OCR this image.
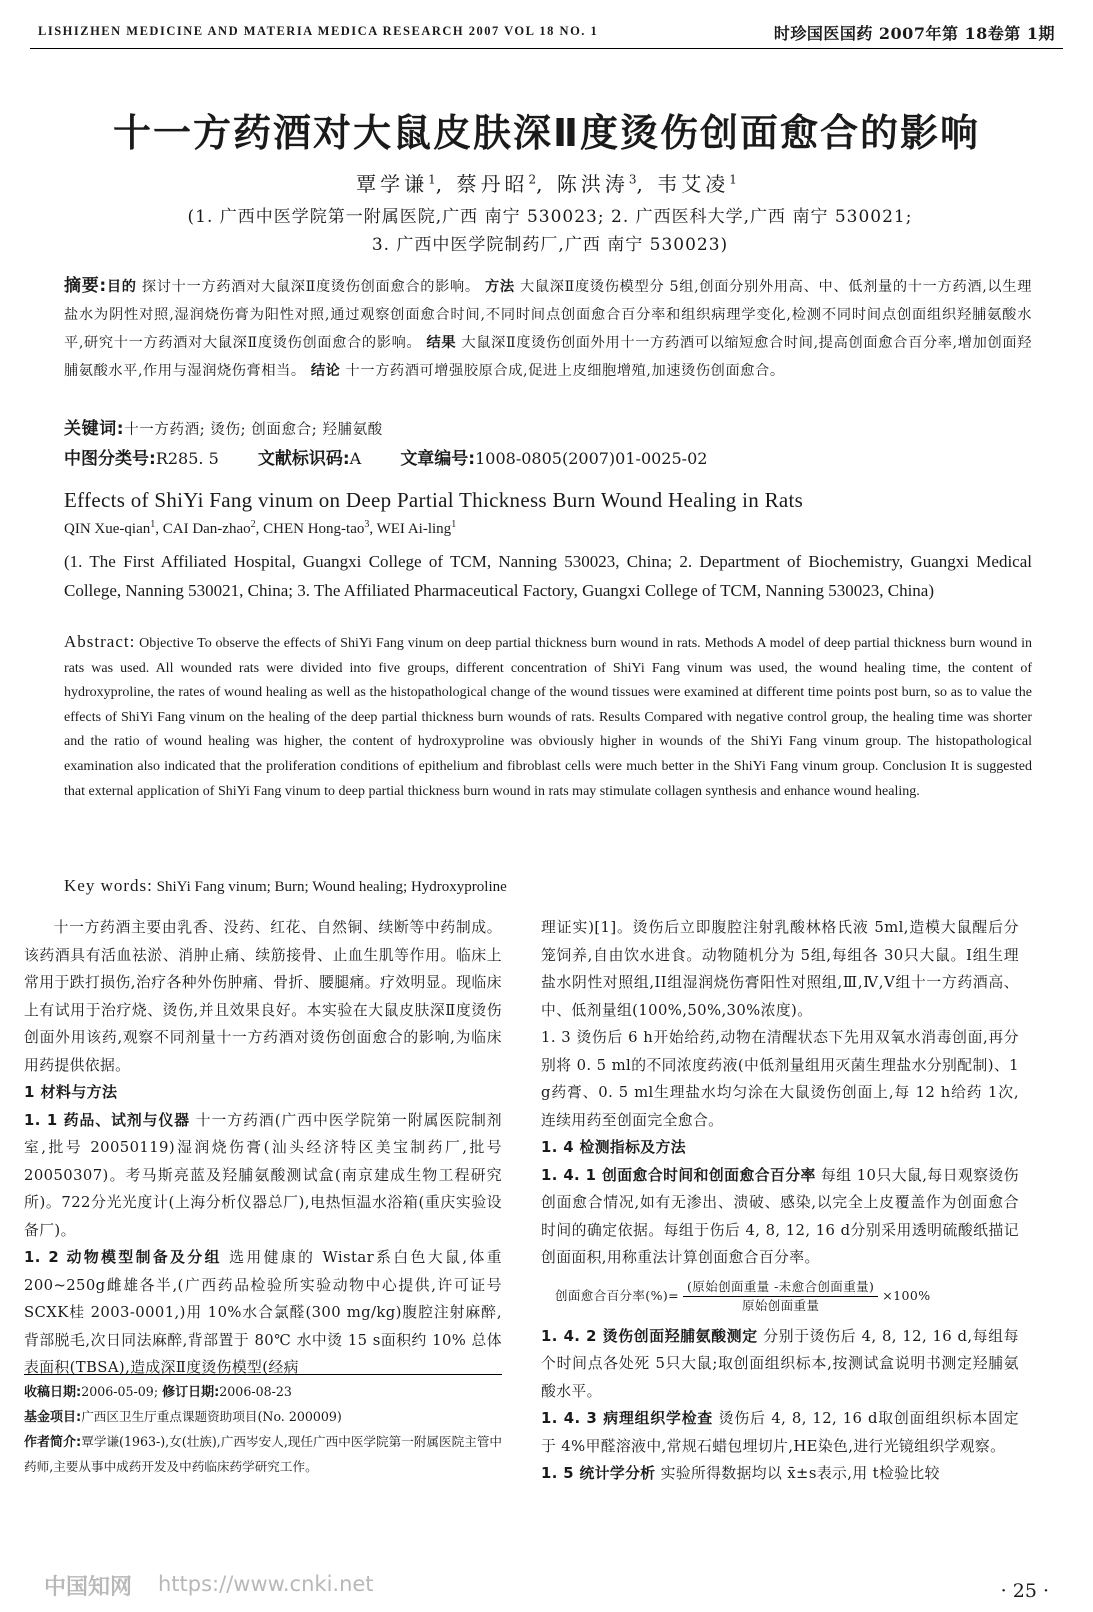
LISHIZHEN MEDICINE AND MATERIA MEDICA RESEARCH 2007 VOL 18 NO. 1	时珍国医国药 2007年第 18卷第 1期
十一方药酒对大鼠皮肤深Ⅱ度烫伤创面愈合的影响
覃学谦$^1$, 蔡丹昭$^2$, 陈洪涛$^3$, 韦艾凌$^1$
(1. 广西中医学院第一附属医院,广西 南宁 530023; 2. 广西医科大学,广西 南宁 530021;
3. 广西中医学院制药厂,广西 南宁 530023)
摘要:目的 探讨十一方药酒对大鼠深Ⅱ度烫伤创面愈合的影响。 方法 大鼠深Ⅱ度烫伤模型分 5组,创面分别外用高、中、低剂量的十一方药酒,以生理盐水为阴性对照,湿润烧伤膏为阳性对照,通过观察创面愈合时间,不同时间点创面愈合百分率和组织病理学变化,检测不同时间点创面组织羟脯氨酸水平,研究十一方药酒对大鼠深Ⅱ度烫伤创面愈合的影响。 结果 大鼠深Ⅱ度烫伤创面外用十一方药酒可以缩短愈合时间,提高创面愈合百分率,增加创面羟脯氨酸水平,作用与湿润烧伤膏相当。 结论 十一方药酒可增强胶原合成,促进上皮细胞增殖,加速烫伤创面愈合。
关键词:十一方药酒; 烫伤; 创面愈合; 羟脯氨酸
中图分类号:R285. 5 文献标识码:A 文章编号:1008-0805(2007)01-0025-02
Effects of ShiYi Fang vinum on Deep Partial Thickness Burn Wound Healing in Rats
QIN Xue-qian$^1$, CAI Dan-zhao$^2$, CHEN Hong-tao$^3$, WEI Ai-ling$^1$
(1. The First Affiliated Hospital, Guangxi College of TCM, Nanning 530023, China; 2. Department of Biochemistry, Guangxi Medical College, Nanning 530021, China; 3. The Affiliated Pharmaceutical Factory, Guangxi College of TCM, Nanning 530023, China)
Abstract: Objective To observe the effects of ShiYi Fang vinum on deep partial thickness burn wound in rats. Methods A model of deep partial thickness burn wound in rats was used. All wounded rats were divided into five groups, different concentration of ShiYi Fang vinum was used, the wound healing time, the content of hydroxyproline, the rates of wound healing as well as the histopathological change of the wound tissues were examined at different time points post burn, so as to value the effects of ShiYi Fang vinum on the healing of the deep partial thickness burn wounds of rats. Results Compared with negative control group, the healing time was shorter and the ratio of wound healing was higher, the content of hydroxyproline was obviously higher in wounds of the ShiYi Fang vinum group. The histopathological examination also indicated that the proliferation conditions of epithelium and fibroblast cells were much better in the ShiYi Fang vinum group. Conclusion It is suggested that external application of ShiYi Fang vinum to deep partial thickness burn wound in rats may stimulate collagen synthesis and enhance wound healing.
Key words: ShiYi Fang vinum; Burn; Wound healing; Hydroxyproline

十一方药酒主要由乳香、没药、红花、自然铜、续断等中药制成。该药酒具有活血祛淤、消肿止痛、续筋接骨、止血生肌等作用。临床上常用于跌打损伤,治疗各种外伤肿痛、骨折、腰腿痛。疗效明显。现临床上有试用于治疗烧、烫伤,并且效果良好。本实验在大鼠皮肤深Ⅱ度烫伤创面外用该药,观察不同剂量十一方药酒对烫伤创面愈合的影响,为临床用药提供依据。

1 材料与方法

1. 1 药品、试剂与仪器 十一方药酒(广西中医学院第一附属医院制剂室,批号 20050119)湿润烧伤膏(汕头经济特区美宝制药厂,批号 20050307)。考马斯亮蓝及羟脯氨酸测试盒(南京建成生物工程研究所)。722分光光度计(上海分析仪器总厂),电热恒温水浴箱(重庆实验设备厂)。

1. 2 动物模型制备及分组 选用健康的 Wistar系白色大鼠,体重 200~250g雌雄各半,(广西药品检验所实验动物中心提供,许可证号 SCXK桂 2003-0001,)用 10%水合氯醛(300 mg/kg)腹腔注射麻醉,背部脱毛,次日同法麻醉,背部置于 80℃ 水中烫 15 s面积约 10% 总体表面积(TBSA),造成深Ⅱ度烫伤模型(经病

理证实)[1]。烫伤后立即腹腔注射乳酸林格氏液 5ml,造模大鼠醒后分笼饲养,自由饮水进食。动物随机分为 5组,每组各 30只大鼠。I组生理盐水阴性对照组,II组湿润烧伤膏阳性对照组,Ⅲ,Ⅳ,Ⅴ组十一方药酒高、中、低剂量组(100%,50%,30%浓度)。

1. 3 烫伤后 6 h开始给药,动物在清醒状态下先用双氧水消毒创面,再分别将 0. 5 ml的不同浓度药液(中低剂量组用灭菌生理盐水分别配制)、1 g药膏、0. 5 ml生理盐水均匀涂在大鼠烫伤创面上,每 12 h给药 1次,连续用药至创面完全愈合。

1. 4 检测指标及方法

1. 4. 1 创面愈合时间和创面愈合百分率 每组 10只大鼠,每日观察烫伤创面愈合情况,如有无渗出、溃破、感染,以完全上皮覆盖作为创面愈合时间的确定依据。每组于伤后 4, 8, 12, 16 d分别采用透明硫酸纸描记创面面积,用称重法计算创面愈合百分率。

创面愈合百分率(%)= $\frac{\text{(原始创面重量 -未愈合创面重量)}}{\text{原始创面重量}} \times 100\%$

1. 4. 2 烫伤创面羟脯氨酸测定 分别于烫伤后 4, 8, 12, 16 d,每组每个时间点各处死 5只大鼠;取创面组织标本,按测试盒说明书测定羟脯氨酸水平。

1. 4. 3 病理组织学检查 烫伤后 4, 8, 12, 16 d取创面组织标本固定于 4%甲醛溶液中,常规石蜡包埋切片,HE染色,进行光镜组织学观察。

1. 5 统计学分析 实验所得数据均以 x̄±s表示,用 t检验比较

收稿日期:2006-05-09; 修订日期:2006-08-23

基金项目:广西区卫生厅重点课题资助项目(No. 200009)

作者简介:覃学谦(1963-),女(壮族),广西岑安人,现任广西中医学院第一附属医院主管中药师,主要从事中成药开发及中药临床药学研究工作。

中国知网 https://www.cnki.net	· 25 ·
